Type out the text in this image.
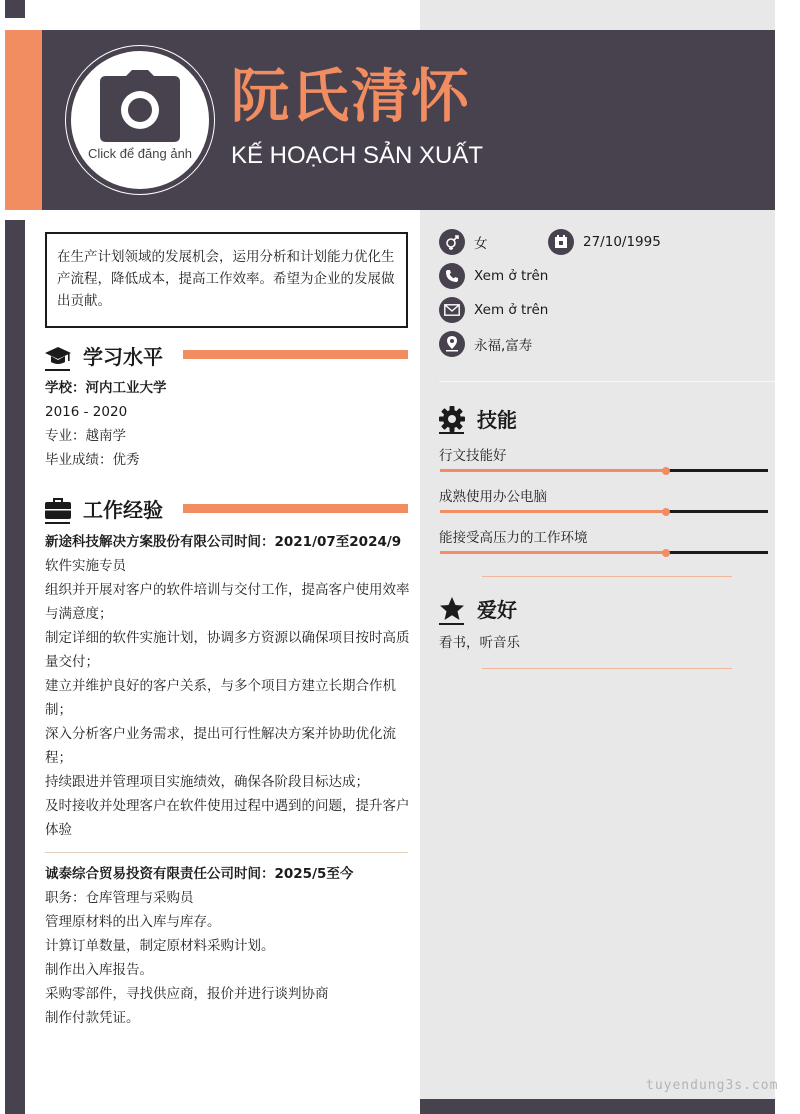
Click để đăng ảnh
阮氏清怀
KẾ HOẠCH SẢN XUẤT
在生产计划领域的发展机会，运用分析和计划能力优化生产流程，降低成本，提高工作效率。希望为企业的发展做出贡献。
学习水平
学校：河内工业大学
2016 - 2020
专业：越南学
毕业成绩：优秀
工作经验
新途科技解决方案股份有限公司时间：2021/07至2024/9
软件实施专员
组织并开展对客户的软件培训与交付工作，提高客户使用效率与满意度；
制定详细的软件实施计划，协调多方资源以确保项目按时高质量交付；
建立并维护良好的客户关系，与多个项目方建立长期合作机制；
深入分析客户业务需求，提出可行性解决方案并协助优化流程；
持续跟进并管理项目实施绩效，确保各阶段目标达成；
及时接收并处理客户在软件使用过程中遇到的问题，提升客户体验
诚泰综合贸易投资有限责任公司时间：2025/5至今
职务：仓库管理与采购员
管理原材料的出入库与库存。
计算订单数量，制定原材料采购计划。
制作出入库报告。
采购零部件，寻找供应商，报价并进行谈判协商
制作付款凭证。
女	27/10/1995
Xem ở trên
Xem ở trên
永福,富寿
技能
行文技能好
成熟使用办公电脑
能接受高压力的工作环境
爱好
看书，听音乐
tuyendung3s.com
